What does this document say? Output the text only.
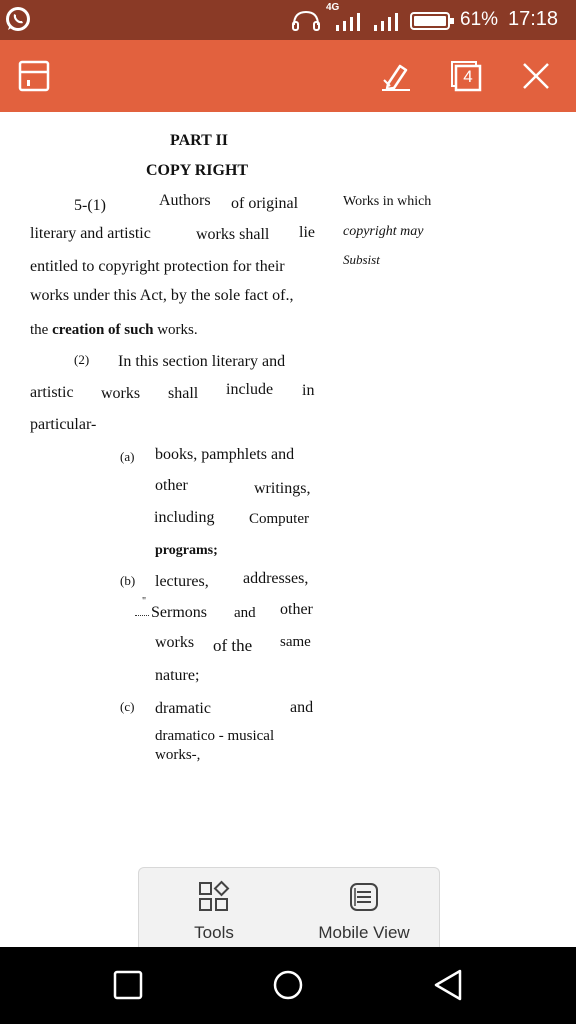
4G
61% 17:18
4
PART II
COPY RIGHT
5-(1)	Authors of original
literary and artistic	works shall lie
entitled to copyright protection for their
works under this Act, by the sole fact of.,
the creation of such works.
(2) In this section literary and
artistic works shall include in
particular-
(a) books, pamphlets and
other	writings,
including Computer
programs;
(b) lectures, addresses,
"
Sermons and other
works of the same
nature;
(c) dramatic	and
dramatico - musical
works-,
Works in which
copyright may
Subsist
Tools	Mobile View
